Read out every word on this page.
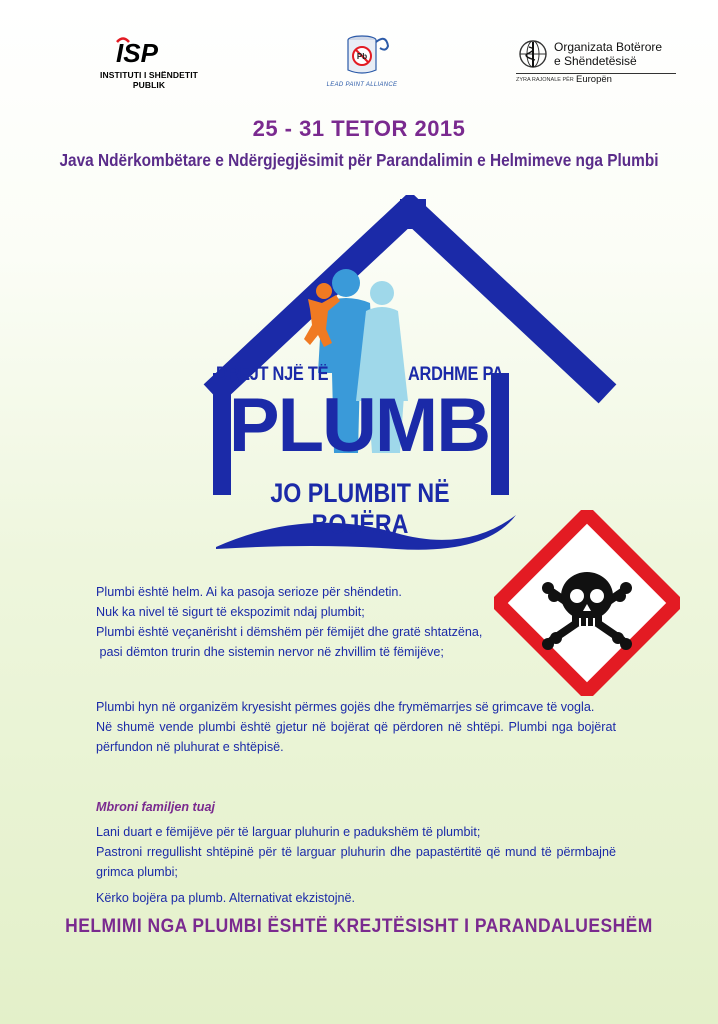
ISP
INSTITUTI I SHËNDETIT PUBLIK
Pb
LEAD PAINT ALLIANCE
Organizata Botërore
e Shëndetësisë
ZYRA RAJONALE PËR Europën
25 - 31 TETOR 2015
Java Ndërkombëtare e Ndërgjegjësimit për Parandalimin e Helmimeve nga Plumbi
DREJT NJË TË	ARDHME PA
PLUMB
JO PLUMBIT NË BOJËRA
Plumbi është helm. Ai ka pasoja serioze për shëndetin.
Nuk ka nivel të sigurt të ekspozimit ndaj plumbit;
Plumbi është veçanërisht i dëmshëm për fëmijët dhe gratë shtatzëna,
pasi dëmton trurin dhe sistemin nervor në zhvillim të fëmijëve;
Plumbi hyn në organizëm kryesisht përmes gojës dhe frymëmarrjes së grimcave të vogla.
Në shumë vende plumbi është gjetur në bojërat që përdoren në shtëpi. Plumbi nga bojërat përfundon në pluhurat e shtëpisë.
Mbroni familjen tuaj
Lani duart e fëmijëve për të larguar pluhurin e padukshëm të plumbit;
Pastroni rregullisht shtëpinë për të larguar pluhurin dhe papastërtitë që mund të përmbajnë grimca plumbi;
Kërko bojëra pa plumb. Alternativat ekzistojnë.
HELMIMI NGA PLUMBI ËSHTË KREJTËSISHT I PARANDALUESHËM
